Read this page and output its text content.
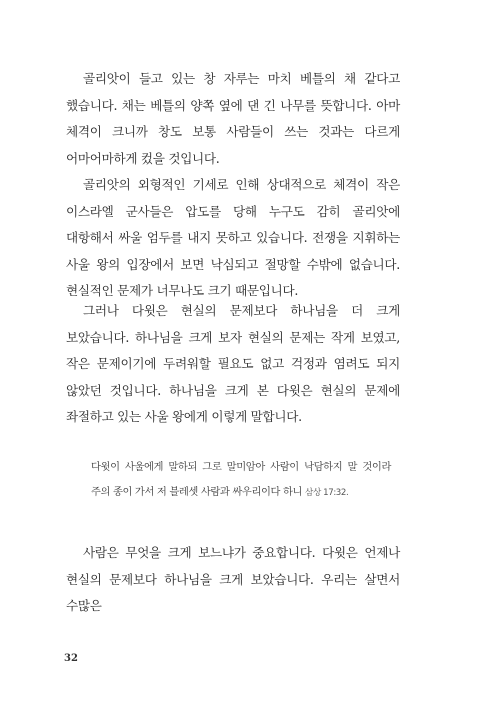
골리앗이 들고 있는 창 자루는 마치 베틀의 채 같다고 했습니다. 채는 베틀의 양쪽 옆에 댄 긴 나무를 뜻합니다. 아마 체격이 크니까 창도 보통 사람들이 쓰는 것과는 다르게 어마어마하게 컸을 것입니다.

골리앗의 외형적인 기세로 인해 상대적으로 체격이 작은 이스라엘 군사들은 압도를 당해 누구도 감히 골리앗에 대항해서 싸울 엄두를 내지 못하고 있습니다. 전쟁을 지휘하는 사울 왕의 입장에서 보면 낙심되고 절망할 수밖에 없습니다. 현실적인 문제가 너무나도 크기 때문입니다.

그러나 다윗은 현실의 문제보다 하나님을 더 크게 보았습니다. 하나님을 크게 보자 현실의 문제는 작게 보였고, 작은 문제이기에 두려워할 필요도 없고 걱정과 염려도 되지 않았던 것입니다. 하나님을 크게 본 다윗은 현실의 문제에 좌절하고 있는 사울 왕에게 이렇게 말합니다.

다윗이 사울에게 말하되 그로 말미암아 사람이 낙담하지 말 것이라 주의 종이 가서 저 블레셋 사람과 싸우리이다 하니 삼상 17:32.

사람은 무엇을 크게 보느냐가 중요합니다. 다윗은 언제나 현실의 문제보다 하나님을 크게 보았습니다. 우리는 살면서 수많은

32
